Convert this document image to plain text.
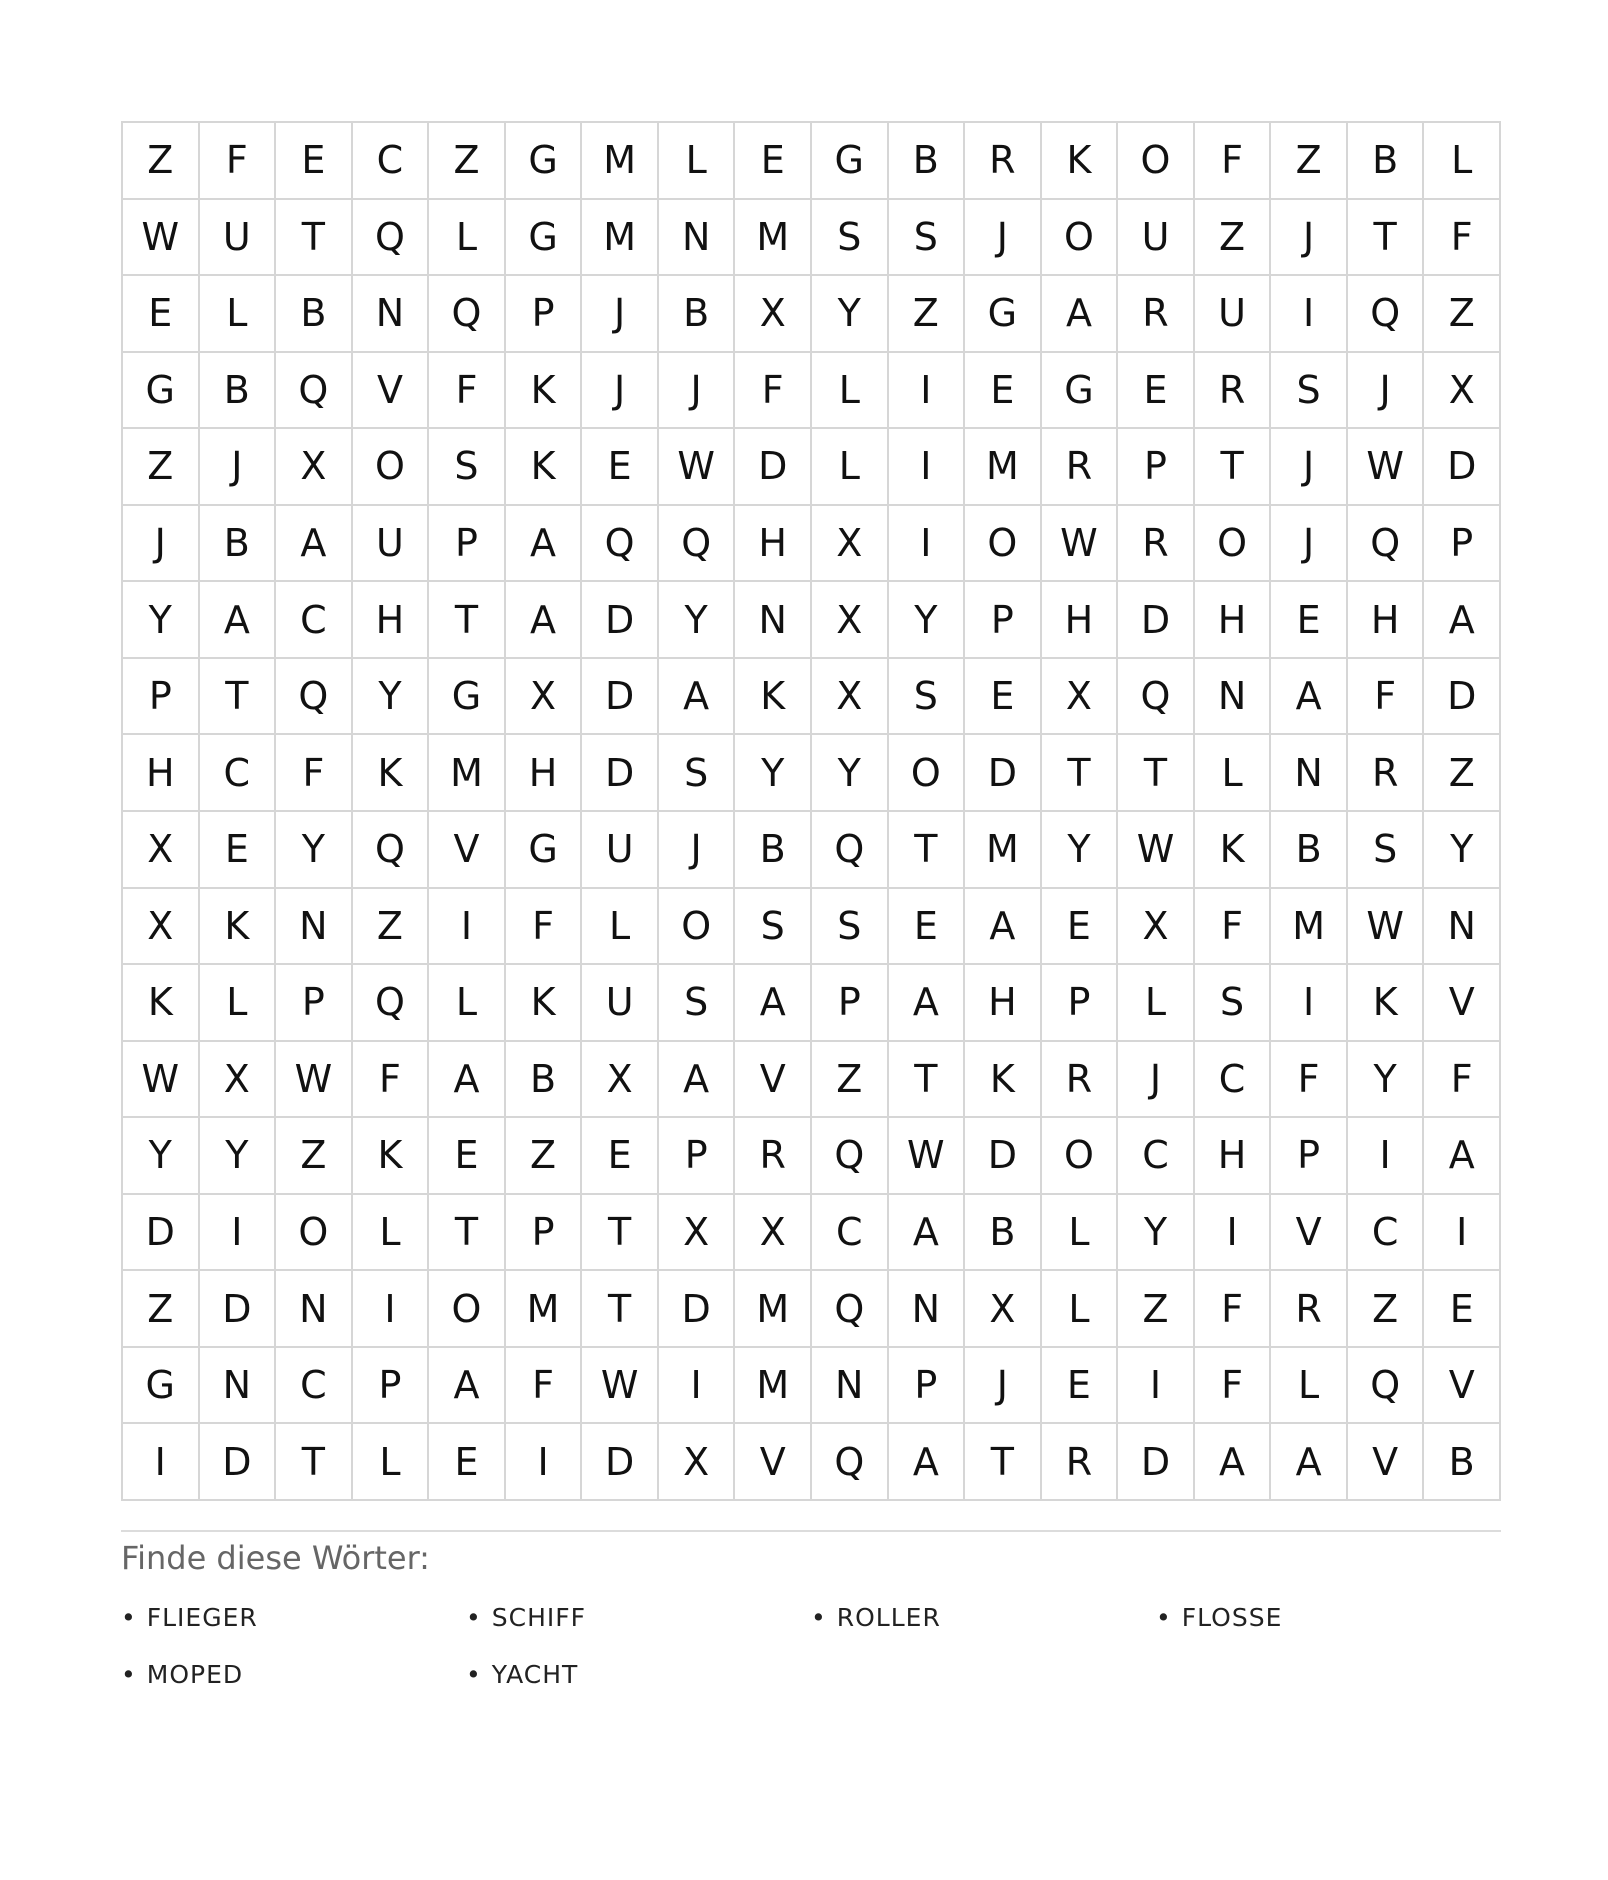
Z	F	E	C	Z	G	M	L	E	G	B	R	K	O	F	Z	B	L
W	U	T	Q	L	G	M	N	M	S	S	J	O	U	Z	J	T	F
E	L	B	N	Q	P	J	B	X	Y	Z	G	A	R	U	I	Q	Z
G	B	Q	V	F	K	J	J	F	L	I	E	G	E	R	S	J	X
Z	J	X	O	S	K	E	W	D	L	I	M	R	P	T	J	W	D
J	B	A	U	P	A	Q	Q	H	X	I	O	W	R	O	J	Q	P
Y	A	C	H	T	A	D	Y	N	X	Y	P	H	D	H	E	H	A
P	T	Q	Y	G	X	D	A	K	X	S	E	X	Q	N	A	F	D
H	C	F	K	M	H	D	S	Y	Y	O	D	T	T	L	N	R	Z
X	E	Y	Q	V	G	U	J	B	Q	T	M	Y	W	K	B	S	Y
X	K	N	Z	I	F	L	O	S	S	E	A	E	X	F	M	W	N
K	L	P	Q	L	K	U	S	A	P	A	H	P	L	S	I	K	V
W	X	W	F	A	B	X	A	V	Z	T	K	R	J	C	F	Y	F
Y	Y	Z	K	E	Z	E	P	R	Q	W	D	O	C	H	P	I	A
D	I	O	L	T	P	T	X	X	C	A	B	L	Y	I	V	C	I
Z	D	N	I	O	M	T	D	M	Q	N	X	L	Z	F	R	Z	E
G	N	C	P	A	F	W	I	M	N	P	J	E	I	F	L	Q	V
I	D	T	L	E	I	D	X	V	Q	A	T	R	D	A	A	V	B
Finde diese Wörter:
• FLIEGER	• SCHIFF	• ROLLER	• FLOSSE
• MOPED	• YACHT
